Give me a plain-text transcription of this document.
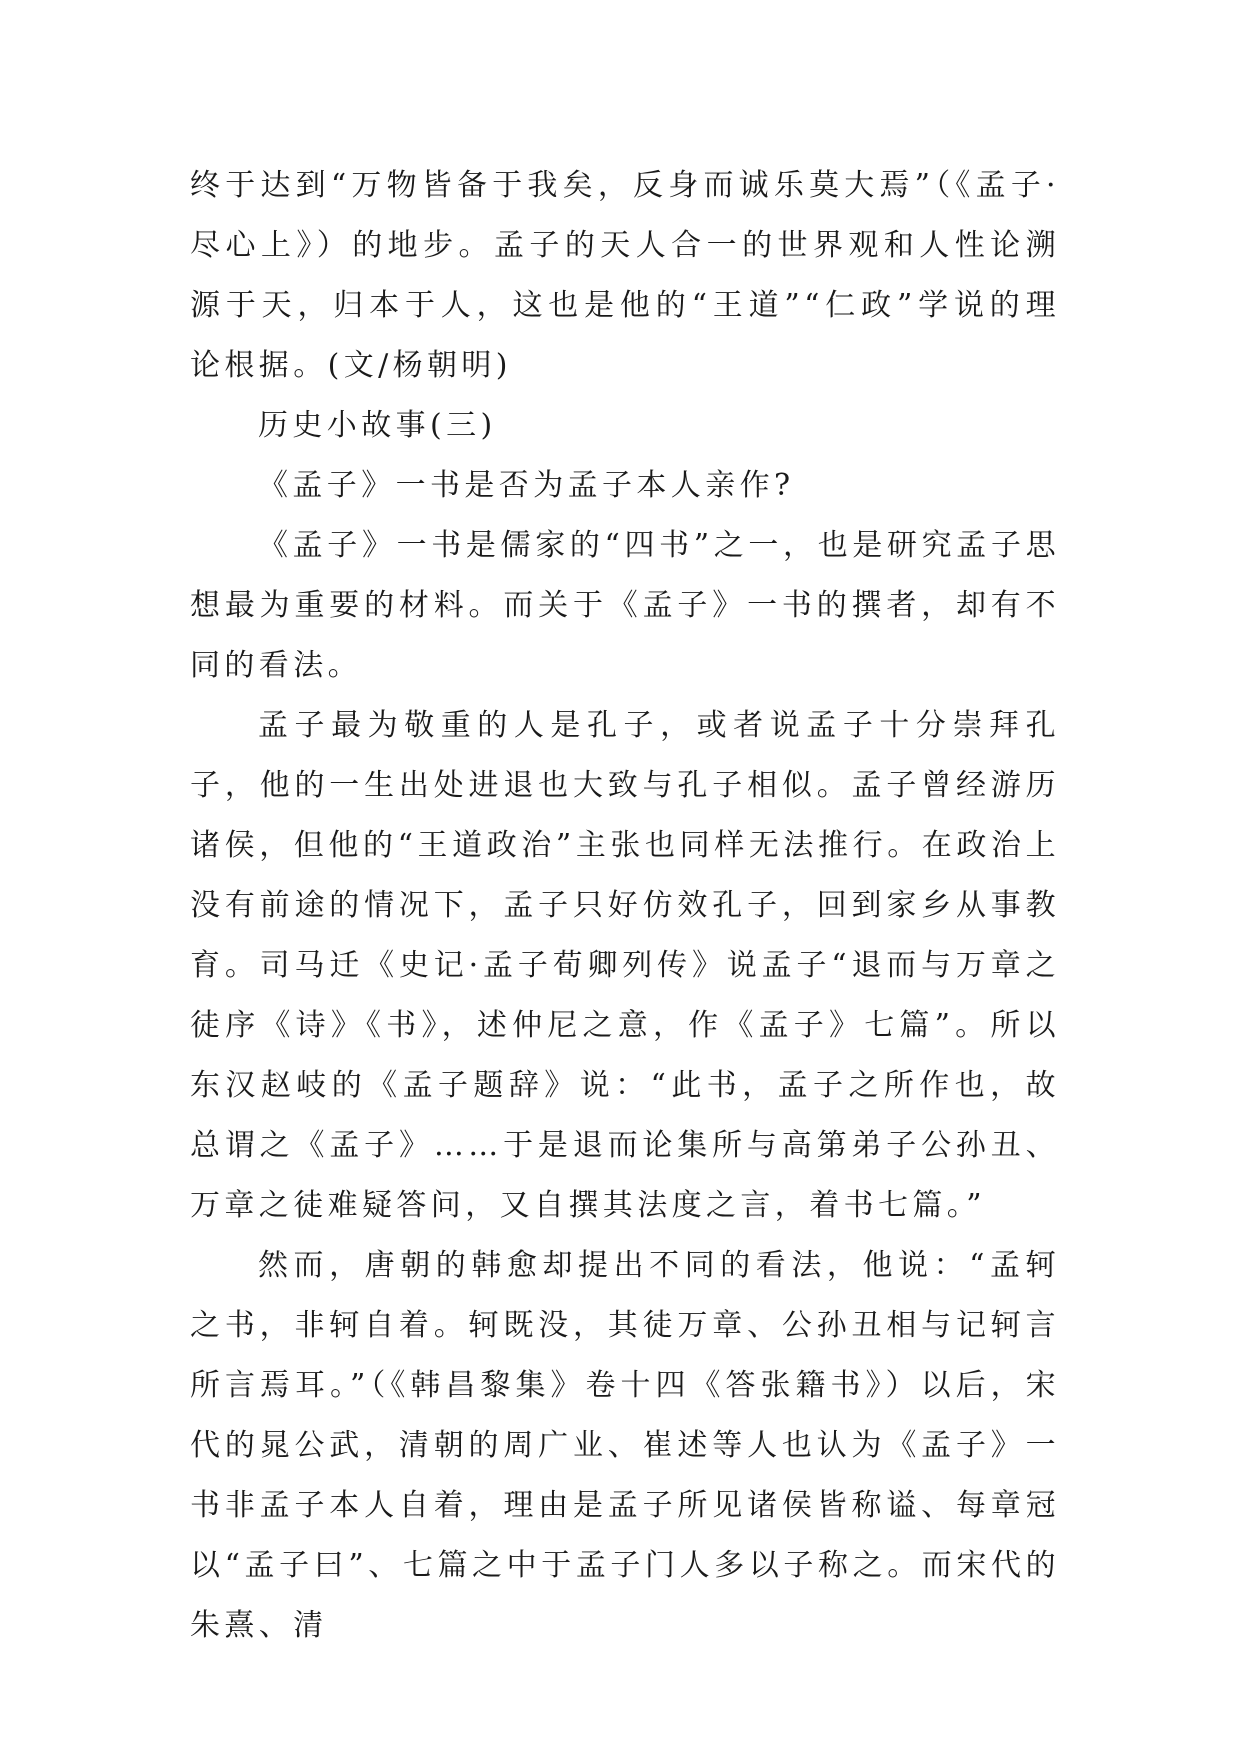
终于达到“万物皆备于我矣，反身而诚乐莫大焉”（《孟子·尽心上》）的地步。孟子的天人合一的世界观和人性论溯源于天，归本于人，这也是他的“王道”“仁政”学说的理论根据。(文/杨朝明)

历史小故事(三)

《孟子》一书是否为孟子本人亲作?

《孟子》一书是儒家的“四书”之一，也是研究孟子思想最为重要的材料。而关于《孟子》一书的撰者，却有不同的看法。

孟子最为敬重的人是孔子，或者说孟子十分崇拜孔子，他的一生出处进退也大致与孔子相似。孟子曾经游历诸侯，但他的“王道政治”主张也同样无法推行。在政治上没有前途的情况下，孟子只好仿效孔子，回到家乡从事教育。司马迁《史记·孟子荀卿列传》说孟子“退而与万章之徒序《诗》《书》，述仲尼之意，作《孟子》七篇”。所以东汉赵岐的《孟子题辞》说：“此书，孟子之所作也，故总谓之《孟子》……于是退而论集所与高第弟子公孙丑、万章之徒难疑答问，又自撰其法度之言，着书七篇。”

然而，唐朝的韩愈却提出不同的看法，他说：“孟轲之书，非轲自着。轲既没，其徒万章、公孙丑相与记轲言所言焉耳。”（《韩昌黎集》卷十四《答张籍书》）以后，宋代的晁公武，清朝的周广业、崔述等人也认为《孟子》一书非孟子本人自着，理由是孟子所见诸侯皆称谥、每章冠以“孟子曰”、七篇之中于孟子门人多以子称之。而宋代的朱熹、清
